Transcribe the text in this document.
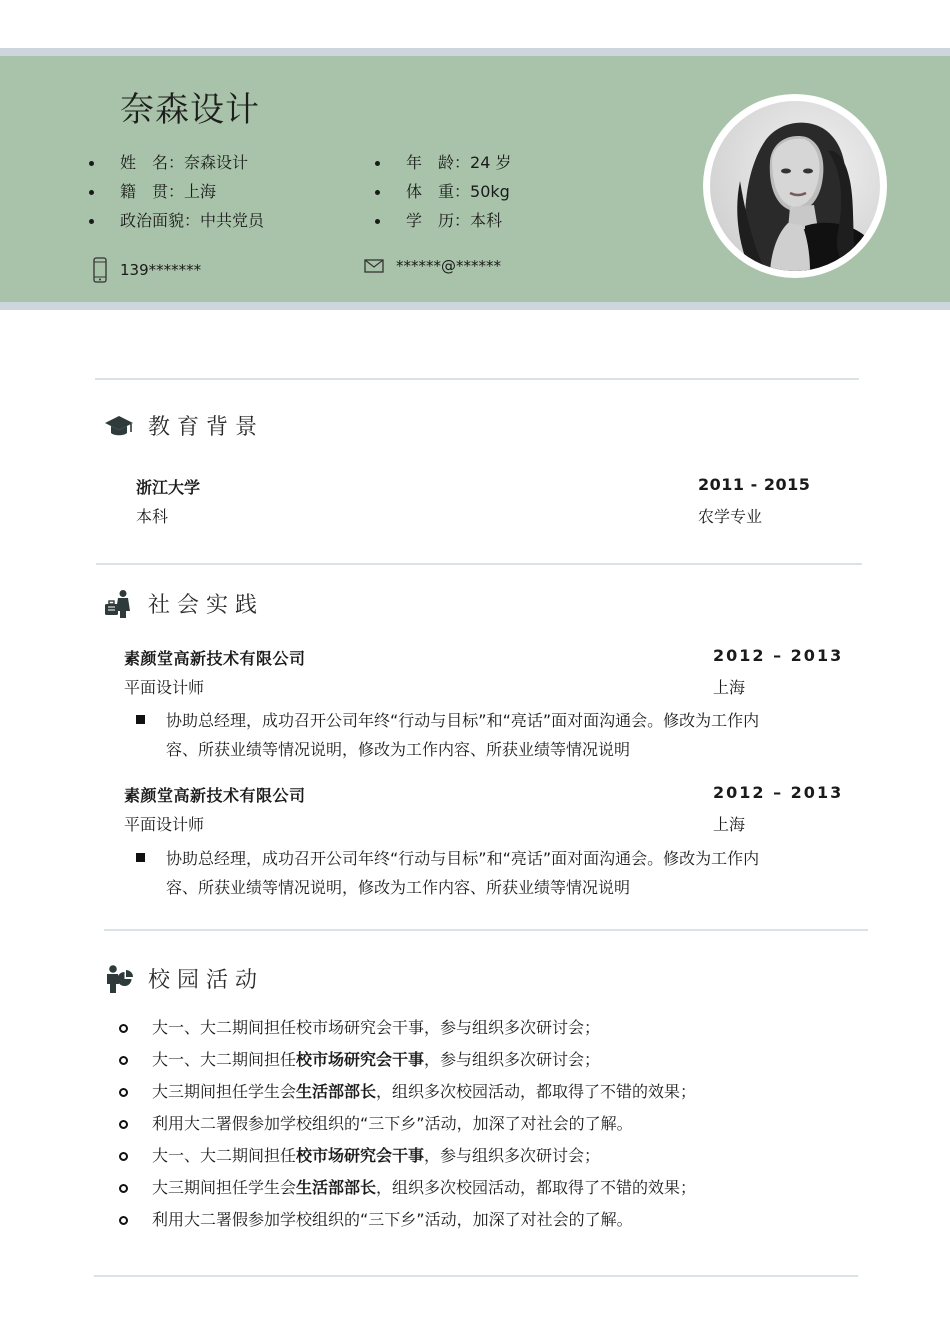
奈森设计
姓　名：奈森设计
籍　贯：上海
政治面貌：中共党员
年　龄：24 岁
体　重：50kg
学　历：本科
139*******	******@******
教育背景
浙江大学
本科
2011 - 2015
农学专业
社会实践
素颜堂高新技术有限公司
平面设计师
2012 – 2013
上海
协助总经理，成功召开公司年终“行动与目标”和“亮话”面对面沟通会。修改为工作内容、所获业绩等情况说明，修改为工作内容、所获业绩等情况说明
素颜堂高新技术有限公司
平面设计师
2012 – 2013
上海
协助总经理，成功召开公司年终“行动与目标”和“亮话”面对面沟通会。修改为工作内容、所获业绩等情况说明，修改为工作内容、所获业绩等情况说明
校园活动
大一、大二期间担任校市场研究会干事，参与组织多次研讨会；
大一、大二期间担任校市场研究会干事，参与组织多次研讨会；
大三期间担任学生会生活部部长，组织多次校园活动，都取得了不错的效果；
利用大二署假参加学校组织的“三下乡”活动，加深了对社会的了解。
大一、大二期间担任校市场研究会干事，参与组织多次研讨会；
大三期间担任学生会生活部部长，组织多次校园活动，都取得了不错的效果；
利用大二署假参加学校组织的“三下乡”活动，加深了对社会的了解。
